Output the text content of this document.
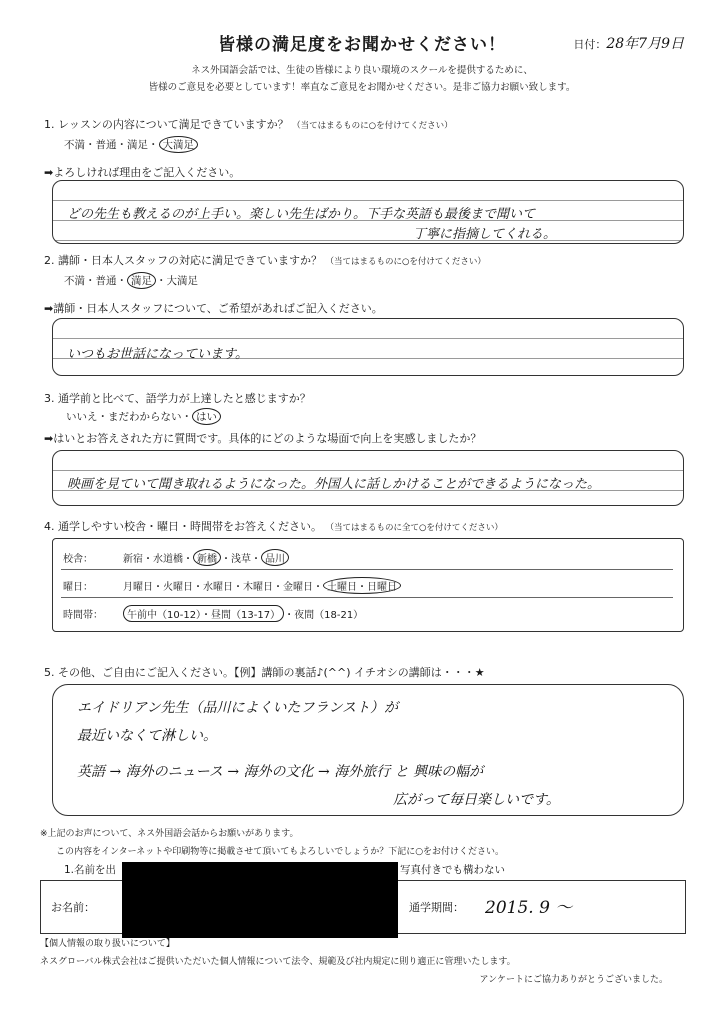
皆様の満足度をお聞かせください！	日付：28年7月9日
ネス外国語会話では、生徒の皆様により良い環境のスクールを提供するために、
皆様のご意見を必要としています！率直なご意見をお聞かせください。是非ご協力お願い致します。
1. レッスンの内容について満足できていますか？ （当てはまるものに○を付けてください）
不満・普通・満足・ 大満足
➡よろしければ理由をご記入ください。
どの先生も教えるのが上手い。楽しい先生ばかり。下手な英語も最後まで聞いて
丁寧に指摘してくれる。
2. 講師・日本人スタッフの対応に満足できていますか？ （当てはまるものに○を付けてください）
不満・普通・ 満足 ・大満足
➡講師・日本人スタッフについて、ご希望があればご記入ください。
いつもお世話になっています。
3. 通学前と比べて、語学力が上達したと感じますか？
いいえ・まだわからない・ はい
➡はいとお答えされた方に質問です。具体的にどのような場面で向上を実感しましたか？
映画を見ていて聞き取れるようになった。外国人に話しかけることができるようになった。
4. 通学しやすい校舎・曜日・時間帯をお答えください。 （当てはまるものに全て○を付けてください）
校舎：	新宿・水道橋・ 新橋 ・浅草・ 品川
曜日：	月曜日・火曜日・水曜日・木曜日・金曜日・ 土曜日・日曜日
時間帯： 午前中（10-12）・昼間（13-17） ・夜間（18-21）
5. その他、ご自由にご記入ください。【例】講師の裏話♪(^^) イチオシの講師は・・・★
エイドリアン先生（品川によくいたフランスト）が
最近いなくて淋しい。
英語 → 海外のニュース → 海外の文化 → 海外旅行 と 興味の幅が
広がって毎日楽しいです。
※上記のお声について、ネス外国語会話からお願いがあります。
この内容をインターネットや印刷物等に掲載させて頂いてもよろしいでしょうか？下記に○をお付けください。
1.名前を出	写真付きでも構わない
お名前：	通学期間： 2015. 9 ～
【個人情報の取り扱いについて】
ネスグローバル株式会社はご提供いただいた個人情報について法令、規範及び社内規定に則り適正に管理いたします。
アンケートにご協力ありがとうございました。
